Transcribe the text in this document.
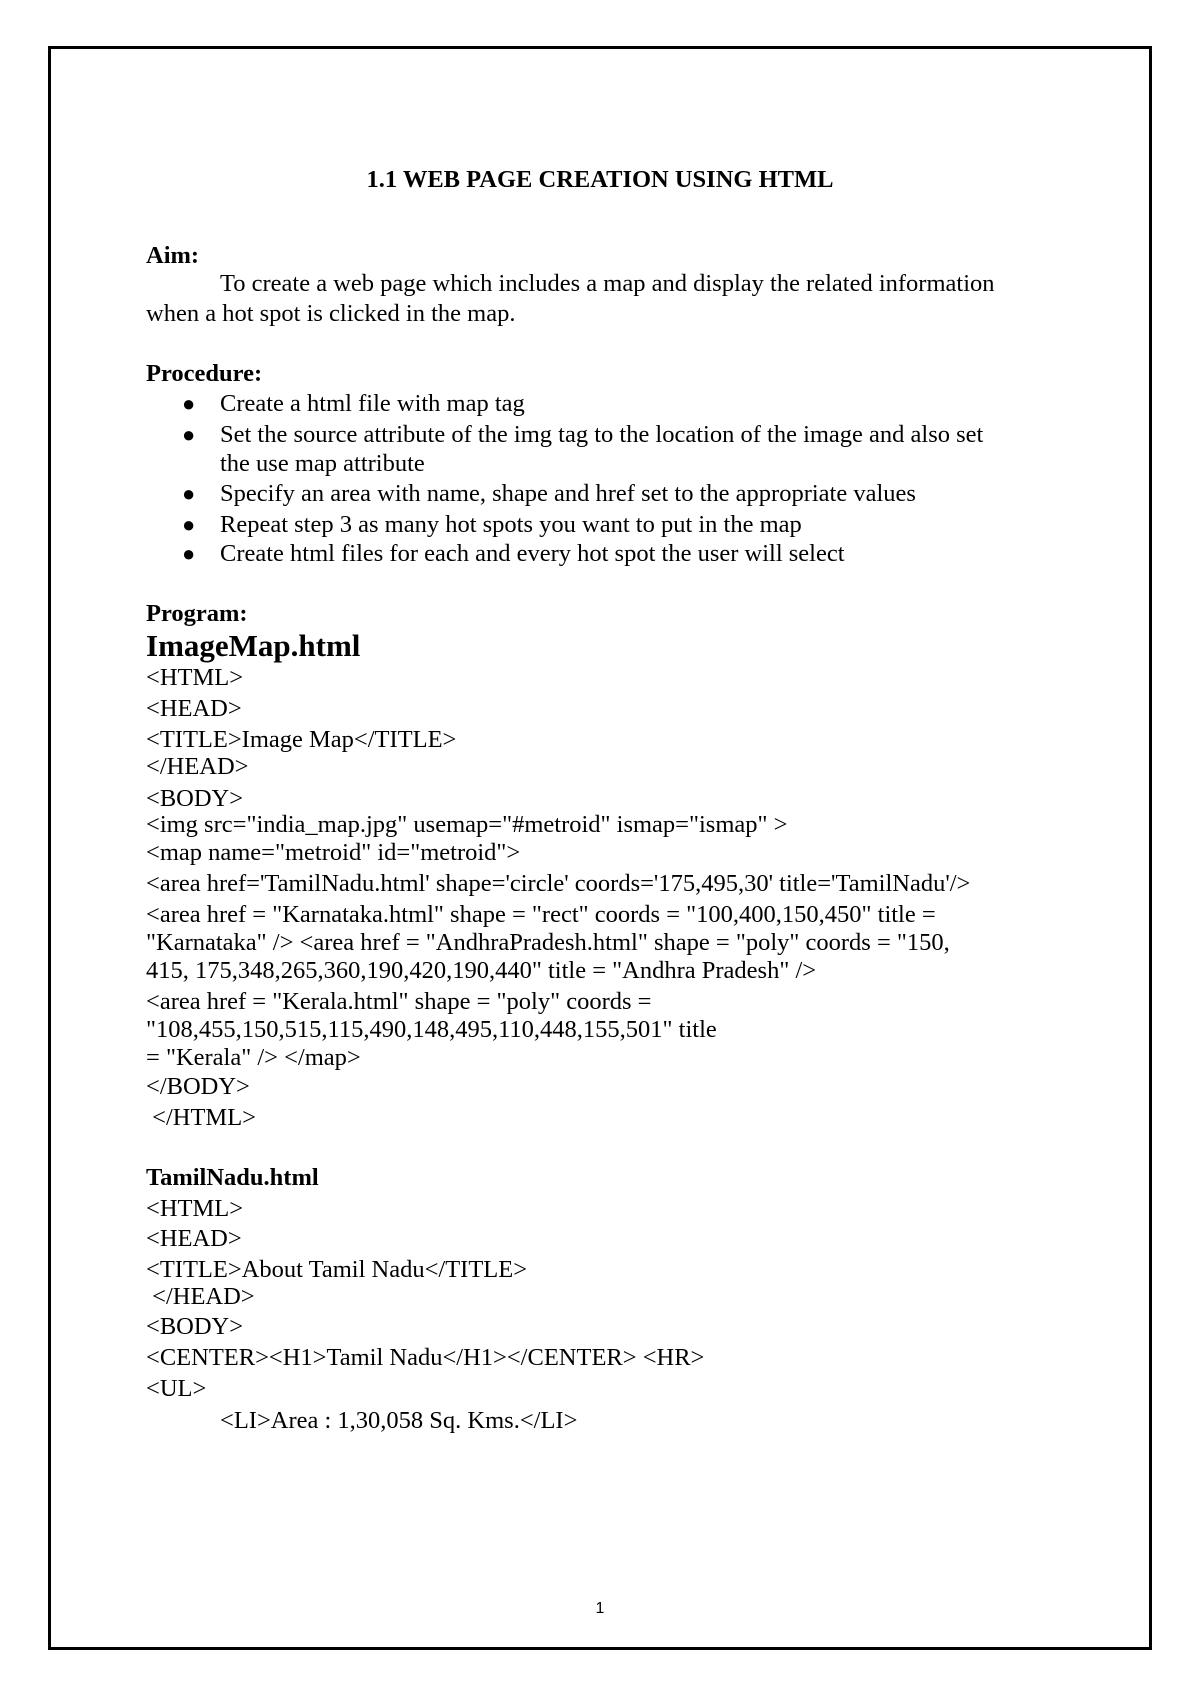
1.1 WEB PAGE CREATION USING HTML
Aim:
To create a web page which includes a map and display the related information
when a hot spot is clicked in the map.
Procedure:
● Create a html file with map tag
● Set the source attribute of the img tag to the location of the image and also set
the use map attribute
● Specify an area with name, shape and href set to the appropriate values
● Repeat step 3 as many hot spots you want to put in the map
● Create html files for each and every hot spot the user will select
Program:
ImageMap.html
<HTML>
<HEAD>
<TITLE>Image Map</TITLE>
</HEAD>
<BODY>
<img src="india_map.jpg" usemap="#metroid" ismap="ismap" >
<map name="metroid" id="metroid">
<area href='TamilNadu.html' shape='circle' coords='175,495,30' title='TamilNadu'/>
<area href = "Karnataka.html" shape = "rect" coords = "100,400,150,450" title =
"Karnataka" /> <area href = "AndhraPradesh.html" shape = "poly" coords = "150,
415, 175,348,265,360,190,420,190,440" title = "Andhra Pradesh" />
<area href = "Kerala.html" shape = "poly" coords =
"108,455,150,515,115,490,148,495,110,448,155,501" title
= "Kerala" /> </map>
</BODY>
</HTML>
TamilNadu.html
<HTML>
<HEAD>
<TITLE>About Tamil Nadu</TITLE>
</HEAD>
<BODY>
<CENTER><H1>Tamil Nadu</H1></CENTER> <HR>
<UL>
<LI>Area : 1,30,058 Sq. Kms.</LI>
1
